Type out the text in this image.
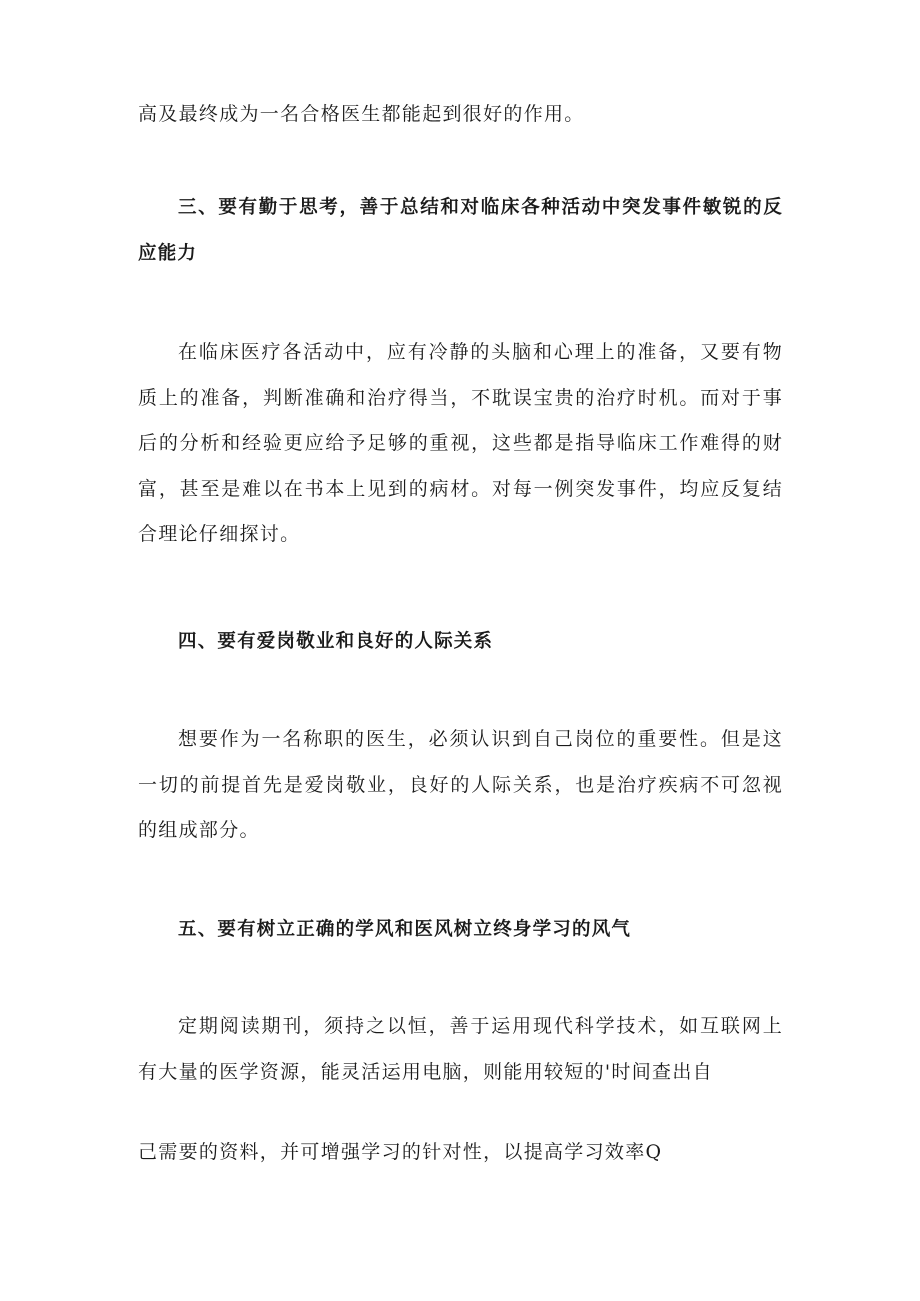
高及最终成为一名合格医生都能起到很好的作用。

三、要有勤于思考，善于总结和对临床各种活动中突发事件敏锐的反应能力

在临床医疗各活动中，应有冷静的头脑和心理上的准备，又要有物质上的准备，判断准确和治疗得当，不耽误宝贵的治疗时机。而对于事后的分析和经验更应给予足够的重视，这些都是指导临床工作难得的财富，甚至是难以在书本上见到的病材。对每一例突发事件，均应反复结合理论仔细探讨。

四、要有爱岗敬业和良好的人际关系

想要作为一名称职的医生，必须认识到自己岗位的重要性。但是这一切的前提首先是爱岗敬业，良好的人际关系，也是治疗疾病不可忽视的组成部分。

五、要有树立正确的学风和医风树立终身学习的风气

定期阅读期刊，须持之以恒，善于运用现代科学技术，如互联网上有大量的医学资源，能灵活运用电脑，则能用较短的'时间查出自

己需要的资料，并可增强学习的针对性，以提高学习效率Q
